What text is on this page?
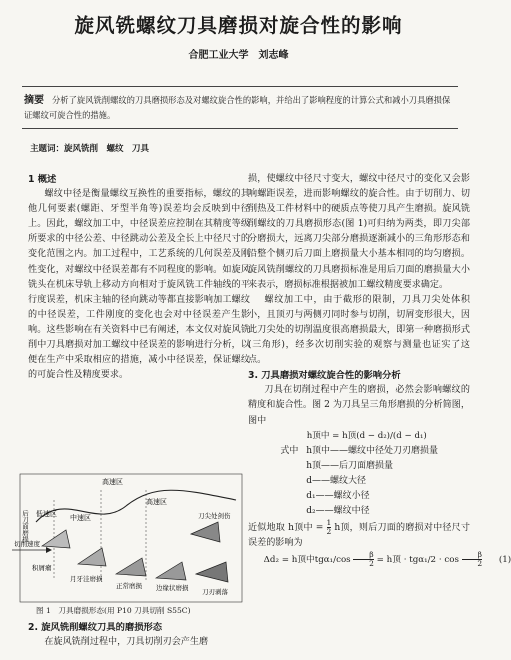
旋风铣螺纹刀具磨损对旋合性的影响
合肥工业大学　刘志峰
摘要 分析了旋风铣削螺纹的刀具磨损形态及对螺纹旋合性的影响，并给出了影响程度的计算公式和减小刀具磨损保证螺纹可旋合性的措施。
主题词：旋风铣削　螺纹　刀具

1 概述

螺纹中径是衡量螺纹互换性的重要指标，螺纹的其他几何要素(螺距、牙型半角等)误差均会反映到中径上。因此，螺纹加工中，中径误差应控制在其精度等级所要求的中径公差、中径跳动公差及全长上中径尺寸的变化范围之内。加工过程中，工艺系统的几何误差及刚性变化，对螺纹中径误差都有不同程度的影响。如旋风铣头在机床导轨上移动方向相对于旋风铣工件轴线的平行度误差，机床主轴的径向跳动等都直接影响加工螺纹的中径误差，工件刚度的变化也会对中径误差产生影响。这些影响在有关资料中已有阐述，本文仅对旋风铣削中刀具磨损对加工螺纹中径误差的影响进行分析，以便在生产中采取相应的措施，减小中径误差，保证螺纹的可旋合性及精度要求。

后刀面磨损 低速区
高速区
中速区
高速区
切削速度
刀尖处剑伤
积屑瘤
月牙洼磨损
正常磨损 边缘状磨损 刀刃剥落
图 1　刀具磨损形态(用 P10 刀具切削 S55C)
2. 旋风铣削螺纹刀具的磨损形态

在旋风铣削过程中，刀具切削刃会产生磨

损，使螺纹中径尺寸变大，螺纹中径尺寸的变化又会影响螺距误差，进而影响螺纹的旋合性。由于切削力、切削热及工件材料中的硬质点等使刀具产生磨损。旋风铣削螺纹的刀具磨损形态(图 1)可归纳为两类，即刀尖部分磨损大，远离刀尖部分磨损逐渐减小的三角形形态和沿整个侧刃后刀面上磨损量大小基本相同的均匀磨损。旋风铣削螺纹的刀具磨损标准是用后刀面的磨损量大小来表示，磨损标准根据被加工螺纹精度要求确定。

螺纹加工中，由于截形的限制，刀具刀尖处体积小，且顶刃与两侧刃同时参与切削，切屑变形很大，因此刀尖处的切削温度很高磨损最大，即第一种磨损形式(三角形)，经多次切削实验的观察与测量也证实了这点。

3. 刀具磨损对螺纹旋合性的影响分析

刀具在切削过程中产生的磨损，必然会影响螺纹的精度和旋合性。图 2 为刀具呈三角形磨损的分析简图，图中

h顶中 = h顶(d − d₂)/(d − d₁)

式中 h顶中——螺纹中径处刀刃磨损量

h顶——后刀面磨损量

d——螺纹大径

d₁——螺纹小径

d₂——螺纹中径

近似地取 h顶中 = $\frac{1}{2}$ h顶，则后刀面的磨损对中径尺寸误差的影响为

Δd₂ = h顶中$tg\alpha_1/\cos \frac{\beta}{2} = h$顶 · $tg\alpha_1/2 \cdot \cos \frac{\beta}{2} (1)$
